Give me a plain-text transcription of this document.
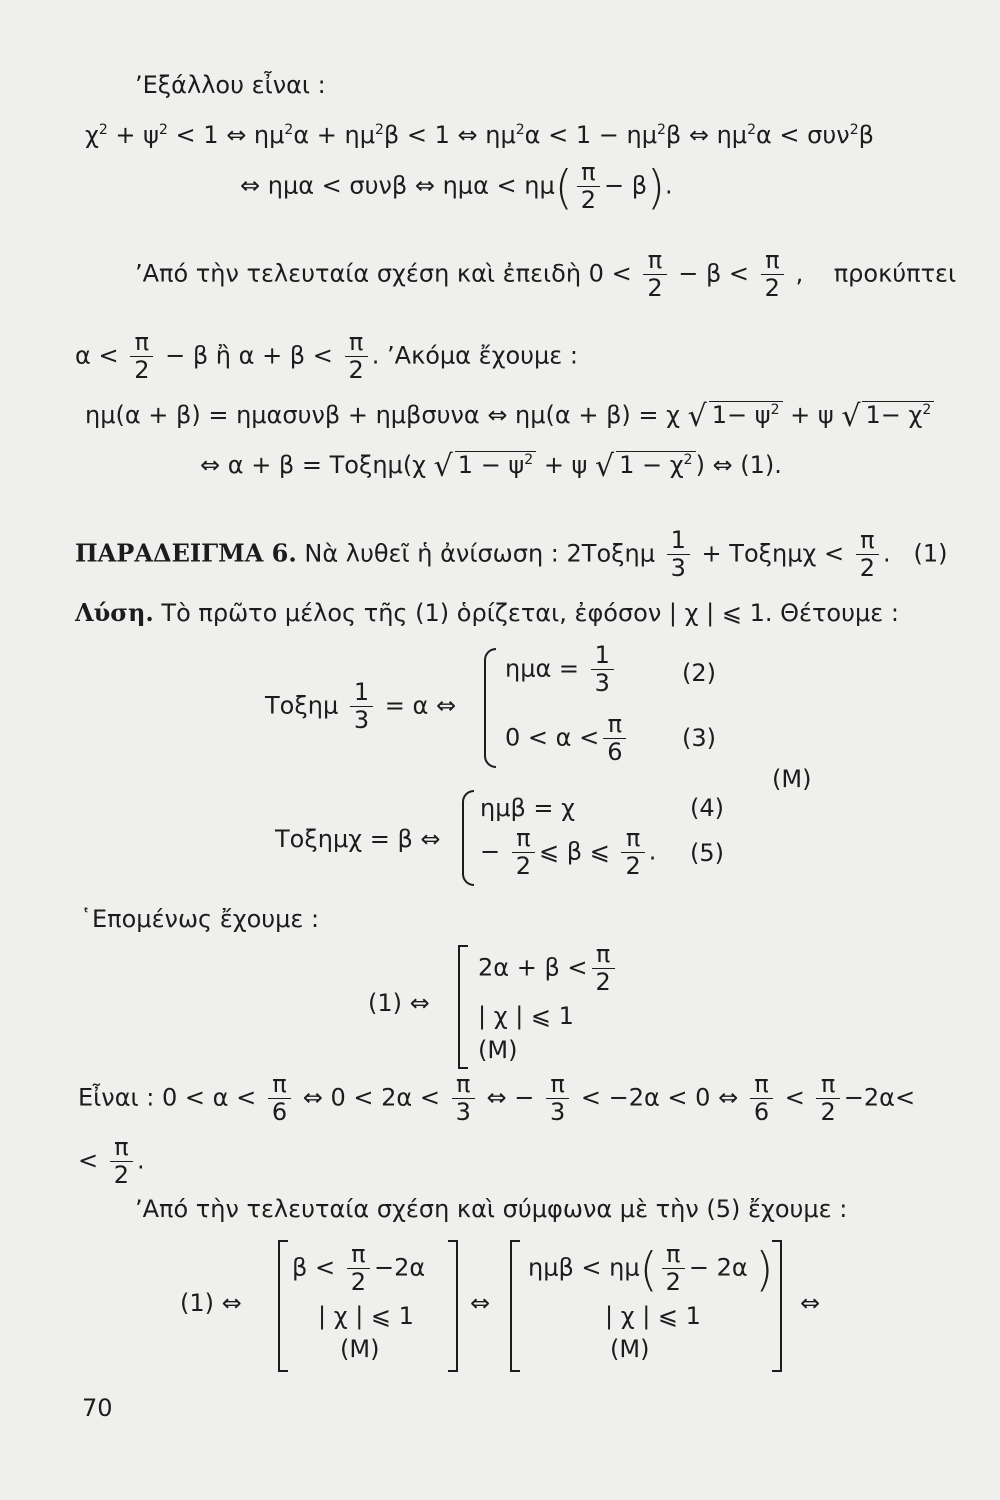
’Εξάλλου εἶναι :
$\chi^2 + \psi^2 < 1$ ⇔ $\eta\mu^2\alpha + \eta\mu^2\beta < 1$ ⇔ $\eta\mu^2\alpha < 1 - \eta\mu^2\beta$ ⇔ $\eta\mu^2\alpha < \sigma\upsilon\nu^2\beta$
⇔ ημα < συνβ ⇔ $\eta\mu\alpha < \eta\mu( \frac{\pi}{2} - \beta)$.
’Από τὴν τελευταία σχέση καὶ ἐπειδὴ $0 < \frac{\pi}{2} - \beta < \frac{\pi}{2}$ ,    προκύπτει
$\alpha < \frac{\pi}{2} - \beta$ ἢ $\alpha + \beta < \frac{\pi}{2}$ . ’Ακόμα ἔχουμε :
ημ(α + β) = ημασυνβ + ημβσυνα ⇔ ημ(α + β) = χ √ $1- \psi^2 + \psi$ √ $1- \chi^2$
⇔ α + β = Τοξημ(χ √ $1 - \psi^2 + \psi$ √ $1 - \chi^2$ ) ⇔ (1).
ΠΑΡΑΔΕΙΓΜΑ 6. Νὰ λυθεῖ ἡ ἀνίσωση : $2To\xi\eta\mu \frac{1}{3} + To\xi\eta\mu\chi < \frac{\pi}{2}$ .   (1)
Λύση. Τὸ πρῶτο μέλος τῆς (1) ὁρίζεται, ἐφόσον | χ | ⩽ 1. Θέτουμε :
Τοξημ $\frac{1}{3} = \alpha$ ⇔
$\eta\mu\alpha = \frac{1}{3}$
$0 < \alpha < \frac{\pi}{6}$
(2)
(3)
(Μ)
Τοξημχ = β ⇔
ημβ = χ
− $\frac{\pi}{2}$ ⩽ β ⩽ $\frac{\pi}{2}$ .
(4)
(5)
῾Επομένως ἔχουμε :
(1) ⇔
$2\alpha + \beta < \frac{\pi}{2}$
| χ | ⩽ 1
(Μ)
Εἶναι : $0 < \alpha < \frac{\pi}{6}$ ⇔ $0 < 2\alpha < \frac{\pi}{3}$ ⇔ − $\frac{\pi}{3} < -2\alpha < 0$ ⇔ $\frac{\pi}{6} < \frac{\pi}{2} -2\alpha<$
< $\frac{\pi}{2}$ .
’Από τὴν τελευταία σχέση καὶ σύμφωνα μὲ τὴν (5) ἔχουμε :
(1) ⇔
$\beta < \frac{\pi}{2} -2\alpha$
| χ | ⩽ 1
(Μ)
⇔
$\eta\mu\beta < \eta\mu( \frac{\pi}{2} - 2\alpha$ )
| χ | ⩽ 1
(Μ)
⇔
70
